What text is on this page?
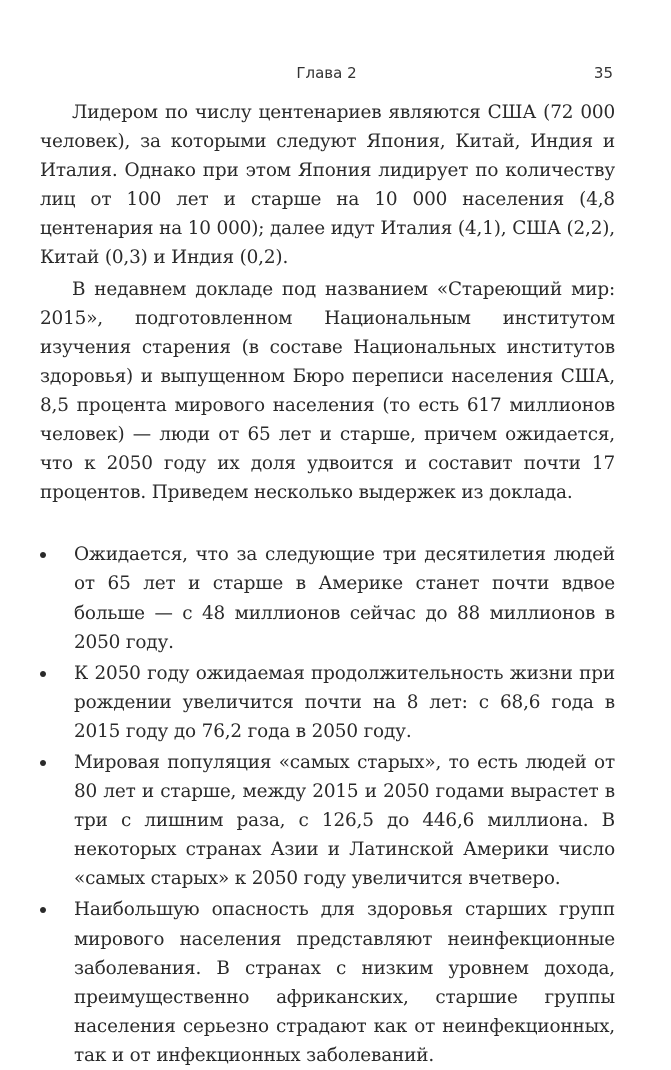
Глава 2	35

Лидером по числу центенариев являются США (72 000 человек), за которыми следуют Япония, Китай, Индия и Италия. Однако при этом Япония лидирует по количеству лиц от 100 лет и старше на 10 000 населения (4,8 центенария на 10 000); далее идут Италия (4,1), США (2,2), Китай (0,3) и Индия (0,2).

В недавнем докладе под названием «Стареющий мир: 2015», подготовленном Национальным институтом изучения старения (в составе Национальных институтов здоровья) и выпущенном Бюро переписи населения США, 8,5 процента мирового населения (то есть 617 миллионов человек) — люди от 65 лет и старше, причем ожидается, что к 2050 году их доля удвоится и составит почти 17 процентов. Приведем несколько выдержек из доклада.

Ожидается, что за следующие три десятилетия людей от 65 лет и старше в Америке станет почти вдвое больше — с 48 миллионов сейчас до 88 миллионов в 2050 году.
К 2050 году ожидаемая продолжительность жизни при рождении увеличится почти на 8 лет: с 68,6 года в 2015 году до 76,2 года в 2050 году.
Мировая популяция «самых старых», то есть людей от 80 лет и старше, между 2015 и 2050 годами вырастет в три с лишним раза, с 126,5 до 446,6 миллиона. В некоторых странах Азии и Латинской Америки число «самых старых» к 2050 году увеличится вчетверо.
Наибольшую опасность для здоровья старших групп мирового населения представляют неинфекционные заболевания. В странах с низким уровнем дохода, преимущественно африканских, старшие группы населения серьезно страдают как от неинфекционных, так и от инфекционных заболеваний.
